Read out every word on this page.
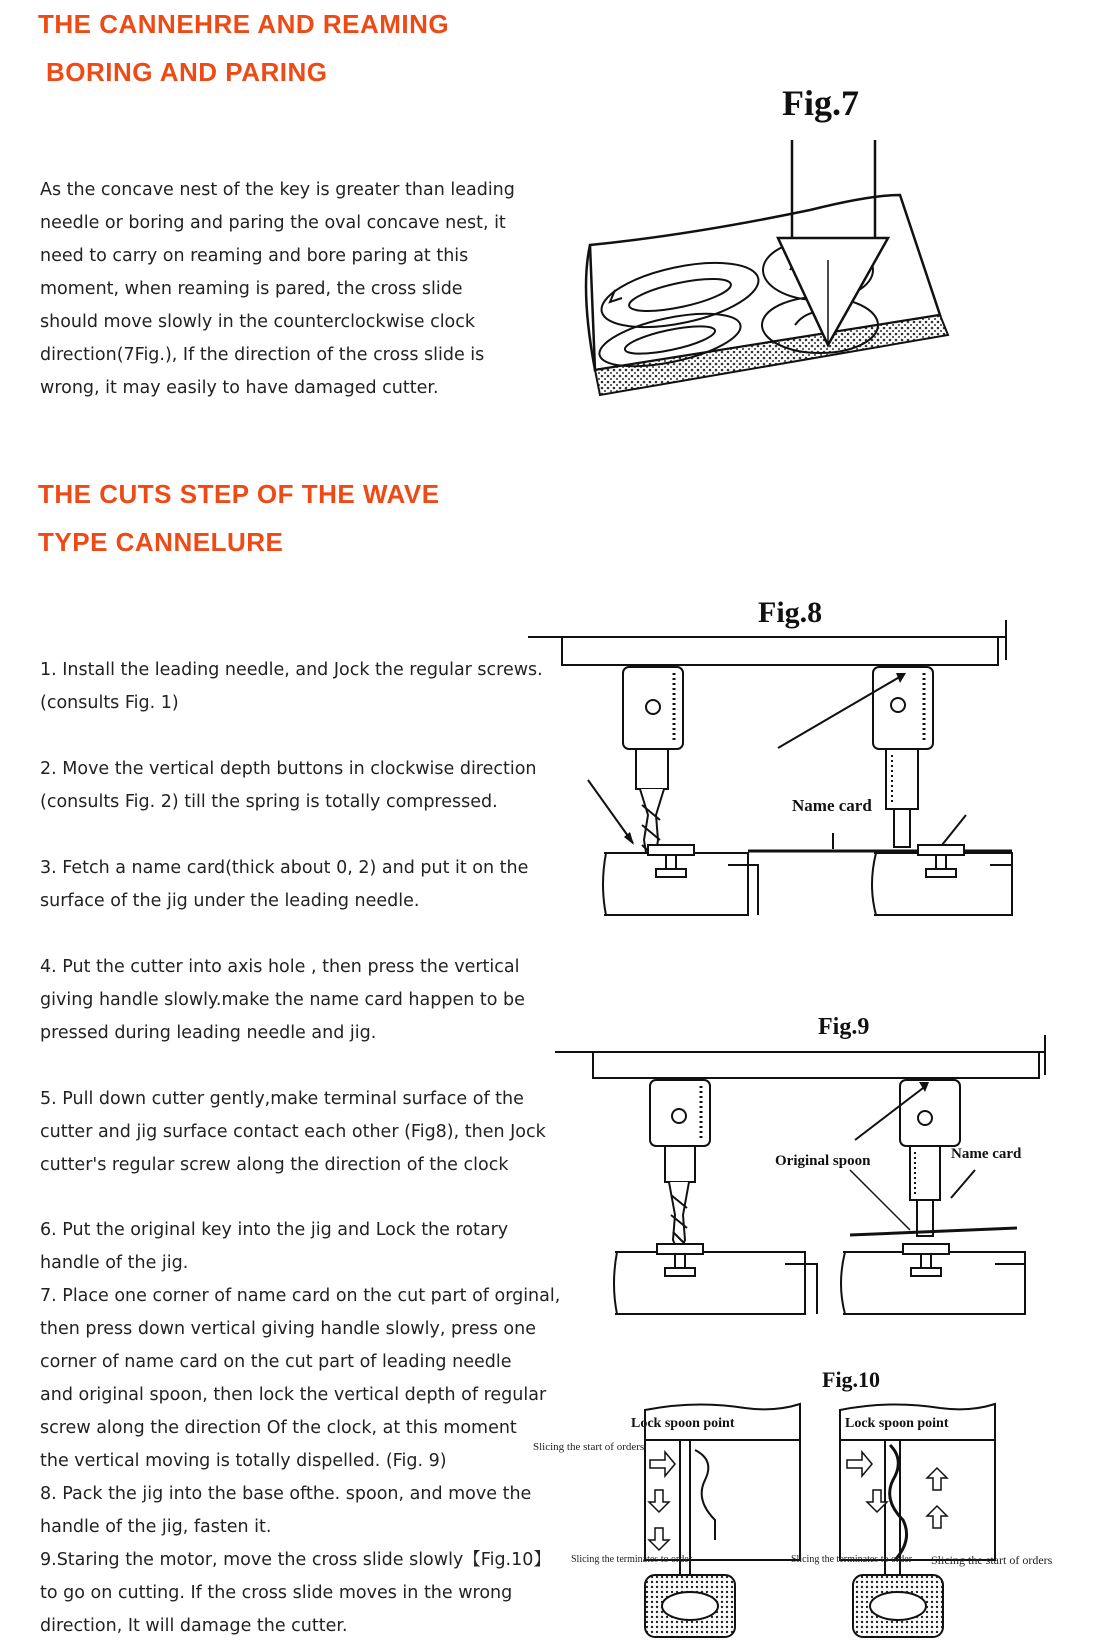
THE CANNEHRE AND REAMING
BORING AND PARING

As the concave nest of the key is greater than leading
needle or boring and paring the oval concave nest, it
need to carry on reaming and bore paring at this
moment, when reaming is pared, the cross slide
should move slowly in the counterclockwise clock
direction(7Fig.), If the direction of the cross slide is
wrong, it may easily to have damaged cutter.

THE CUTS STEP OF THE WAVE
TYPE CANNELURE

1. Install the leading needle, and Jock the regular screws.
(consults Fig. 1)

2. Move the vertical depth buttons in clockwise direction
(consults Fig. 2) till the spring is totally compressed.

3. Fetch a name card(thick about 0, 2) and put it on the
surface of the jig under the leading needle.

4. Put the cutter into axis hole , then press the vertical
giving handle slowly.make the name card happen to be
pressed during leading needle and jig.

5. Pull down cutter gently,make terminal surface of the
cutter and jig surface contact each other (Fig8), then Jock
cutter's regular screw along the direction of the clock

6. Put the original key into the jig and Lock the rotary
handle of the jig.
7. Place one corner of name card on the cut part of orginal,
then press down vertical giving handle slowly, press one
corner of name card on the cut part of leading needle
and original spoon, then lock the vertical depth of regular
screw along the direction Of the clock, at this moment
the vertical moving is totally dispelled. (Fig. 9)
8. Pack the jig into the base ofthe. spoon, and move the
handle of the jig, fasten it.
9.Staring the motor, move the cross slide slowly【Fig.10】
to go on cutting. If the cross slide moves in the wrong
direction, It will damage the cutter.

Fig.7
Fig.8
Fig.9
Fig.10
Name card
Original spoon	Name card
Lock spoon point
Slicing the start of orders
Slicing the terminates to order
Lock spoon point
Slicing the terminates to order Slicing the start of orders
